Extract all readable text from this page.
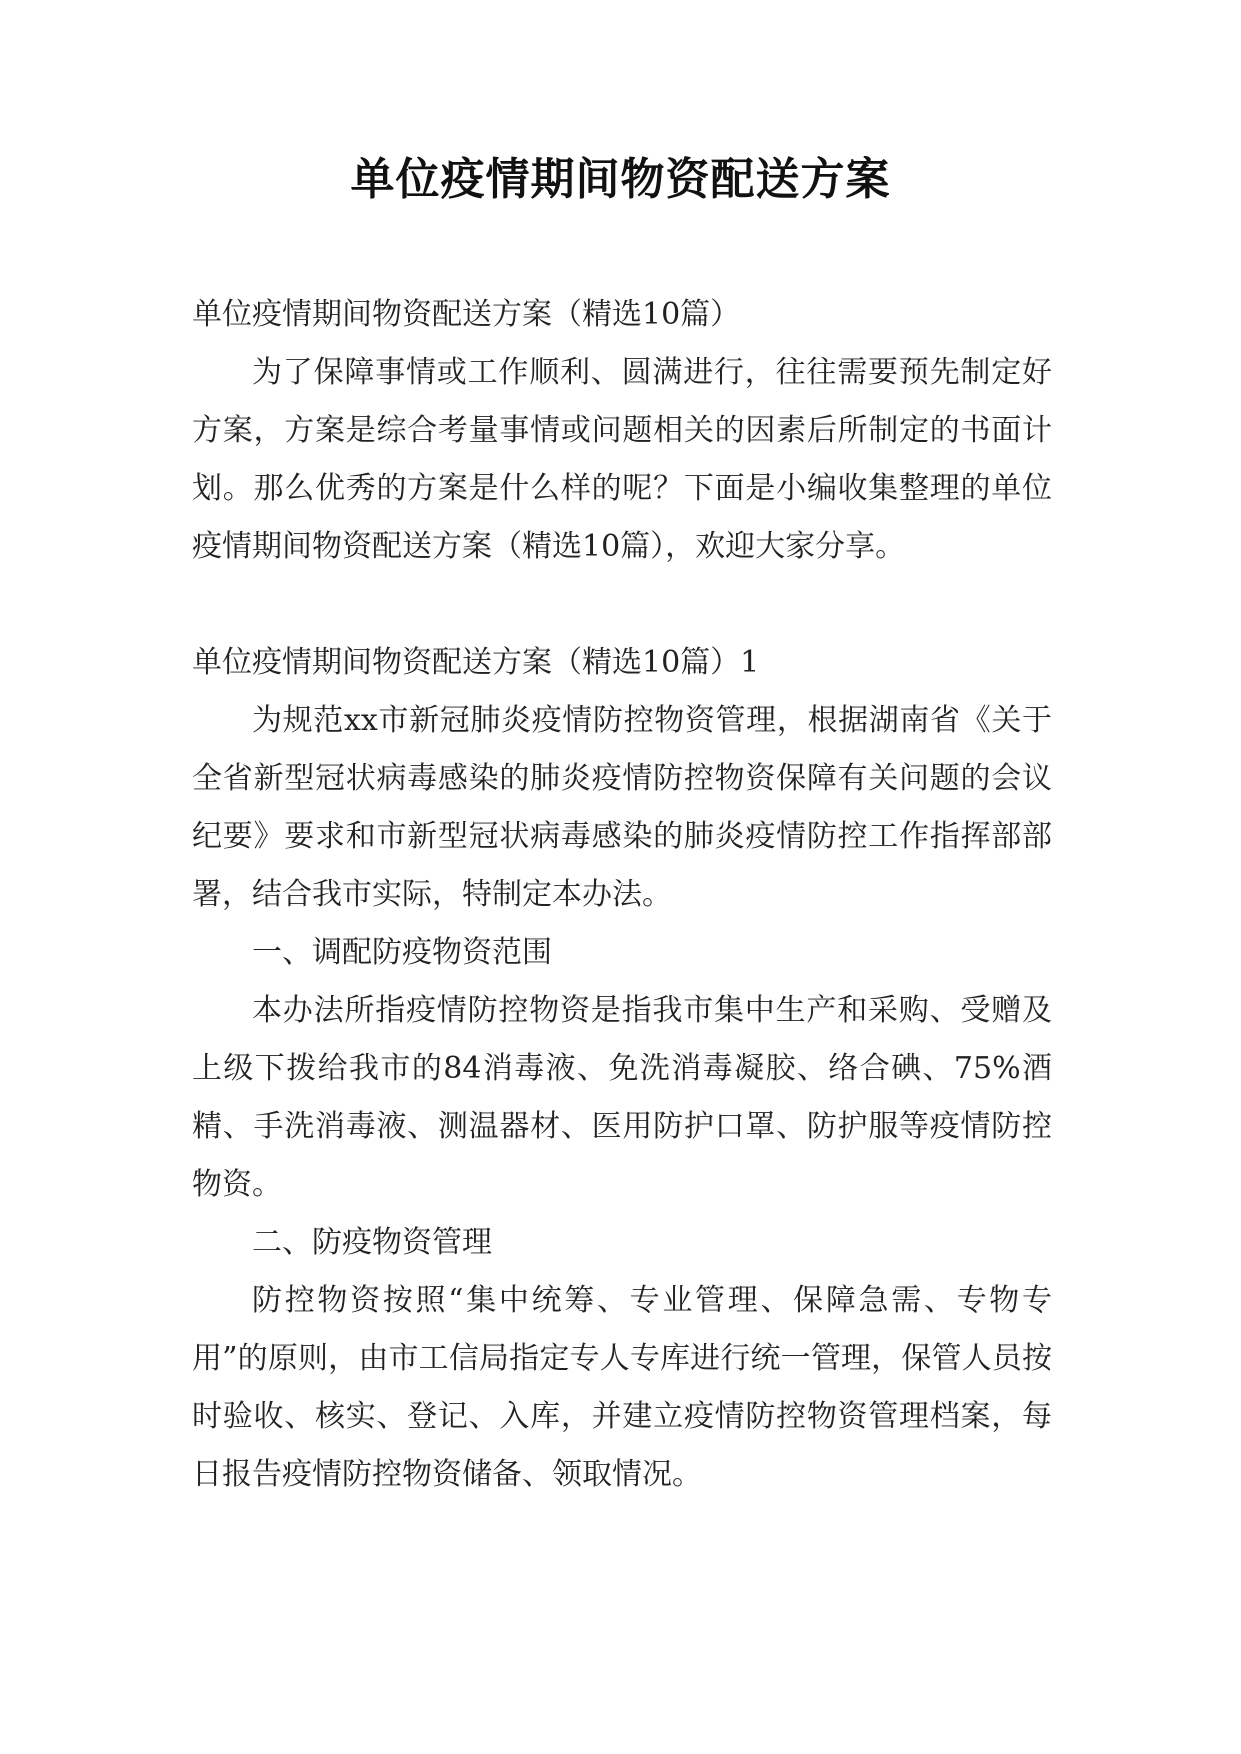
单位疫情期间物资配送方案

单位疫情期间物资配送方案（精选10篇）

为了保障事情或工作顺利、圆满进行，往往需要预先制定好方案，方案是综合考量事情或问题相关的因素后所制定的书面计划。那么优秀的方案是什么样的呢？下面是小编收集整理的单位疫情期间物资配送方案（精选10篇），欢迎大家分享。

单位疫情期间物资配送方案（精选10篇）1

为规范xx市新冠肺炎疫情防控物资管理，根据湖南省《关于全省新型冠状病毒感染的肺炎疫情防控物资保障有关问题的会议纪要》要求和市新型冠状病毒感染的肺炎疫情防控工作指挥部部署，结合我市实际，特制定本办法。

一、调配防疫物资范围

本办法所指疫情防控物资是指我市集中生产和采购、受赠及上级下拨给我市的84消毒液、免洗消毒凝胶、络合碘、75%酒精、手洗消毒液、测温器材、医用防护口罩、防护服等疫情防控物资。

二、防疫物资管理

防控物资按照“集中统筹、专业管理、保障急需、专物专用”的原则，由市工信局指定专人专库进行统一管理，保管人员按时验收、核实、登记、入库，并建立疫情防控物资管理档案，每日报告疫情防控物资储备、领取情况。
